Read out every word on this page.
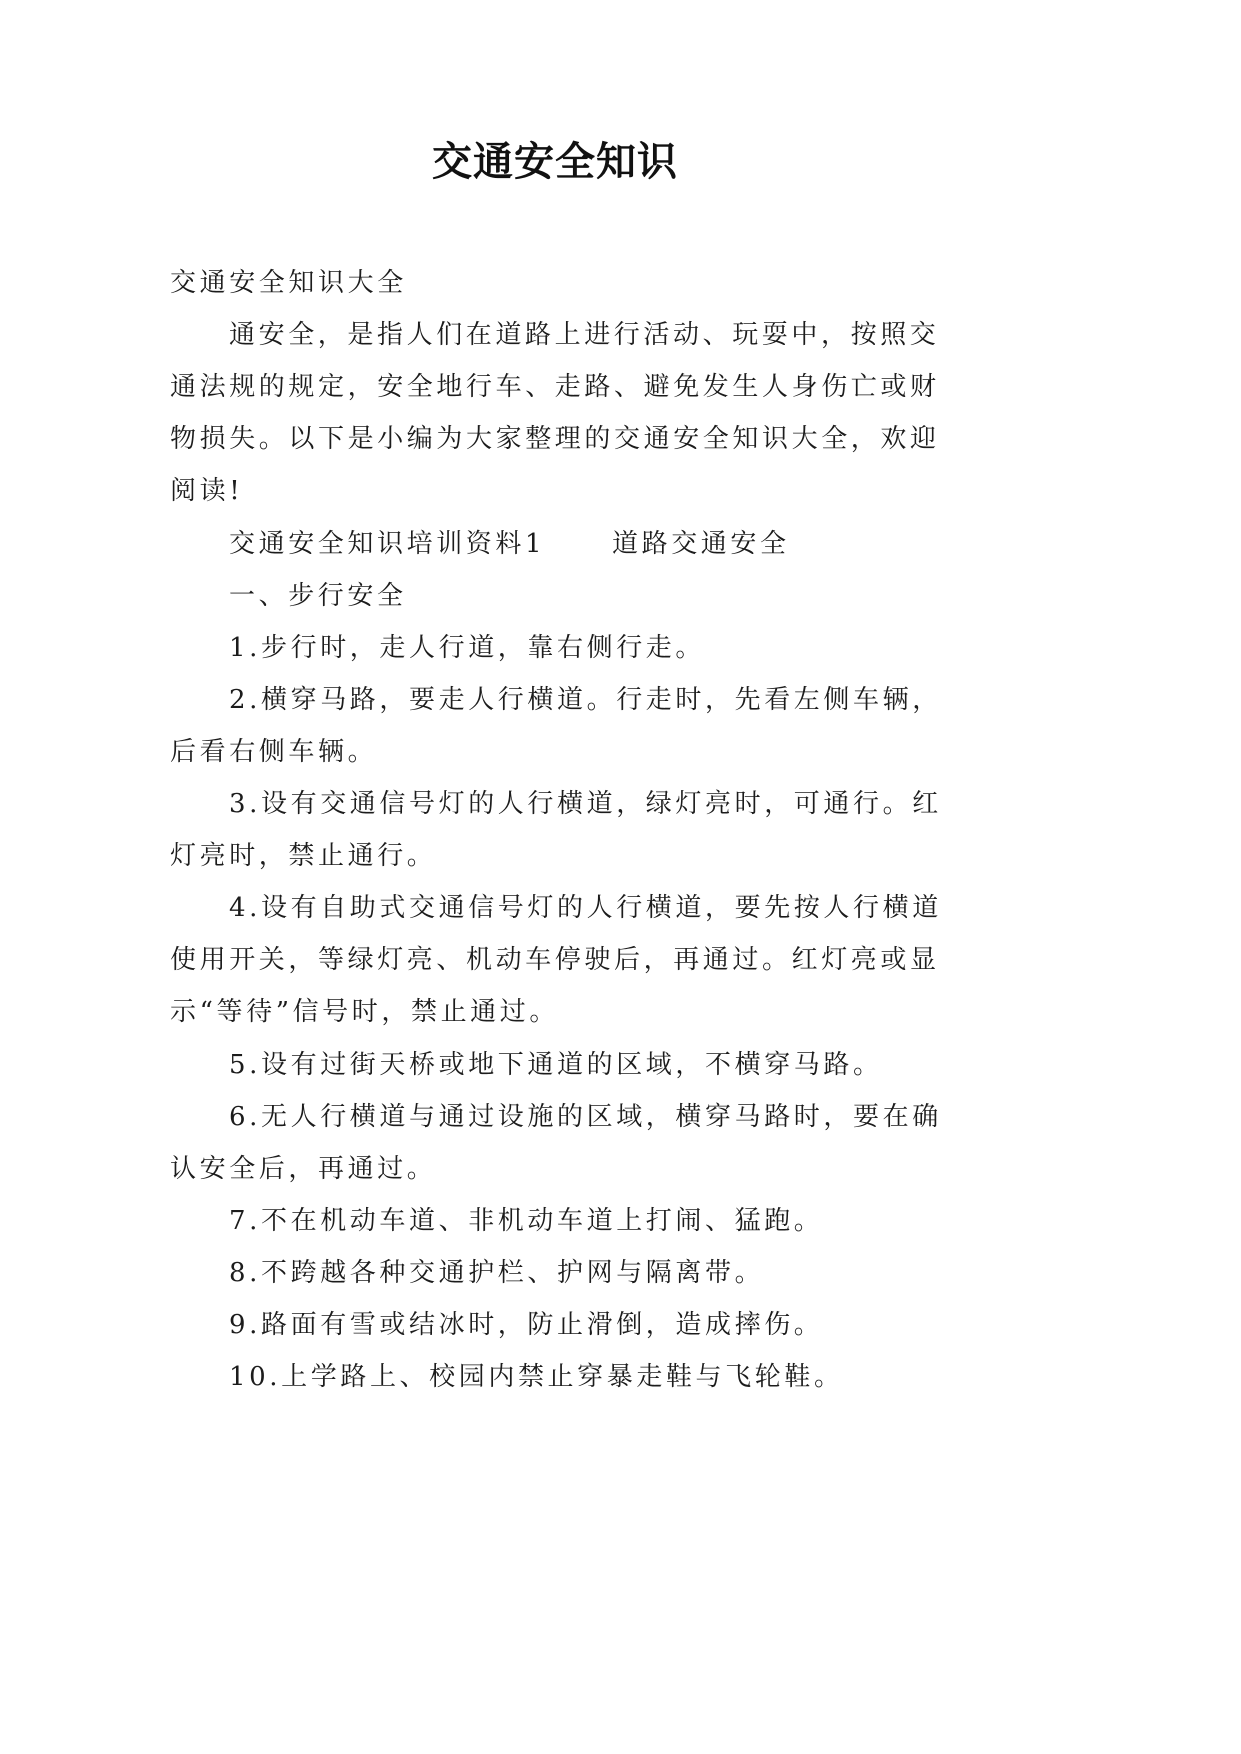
交通安全知识
交通安全知识大全
通安全，是指人们在道路上进行活动、玩耍中，按照交
通法规的规定，安全地行车、走路、避免发生人身伤亡或财
物损失。以下是小编为大家整理的交通安全知识大全，欢迎
阅读!
交通安全知识培训资料1	道路交通安全
一、步行安全
1.步行时，走人行道，靠右侧行走。
2.横穿马路，要走人行横道。行走时，先看左侧车辆，
后看右侧车辆。
3.设有交通信号灯的人行横道，绿灯亮时，可通行。红
灯亮时，禁止通行。
4.设有自助式交通信号灯的人行横道，要先按人行横道
使用开关，等绿灯亮、机动车停驶后，再通过。红灯亮或显
示“等待”信号时，禁止通过。
5.设有过街天桥或地下通道的区域，不横穿马路。
6.无人行横道与通过设施的区域，横穿马路时，要在确
认安全后，再通过。
7.不在机动车道、非机动车道上打闹、猛跑。
8.不跨越各种交通护栏、护网与隔离带。
9.路面有雪或结冰时，防止滑倒，造成摔伤。
10.上学路上、校园内禁止穿暴走鞋与飞轮鞋。
